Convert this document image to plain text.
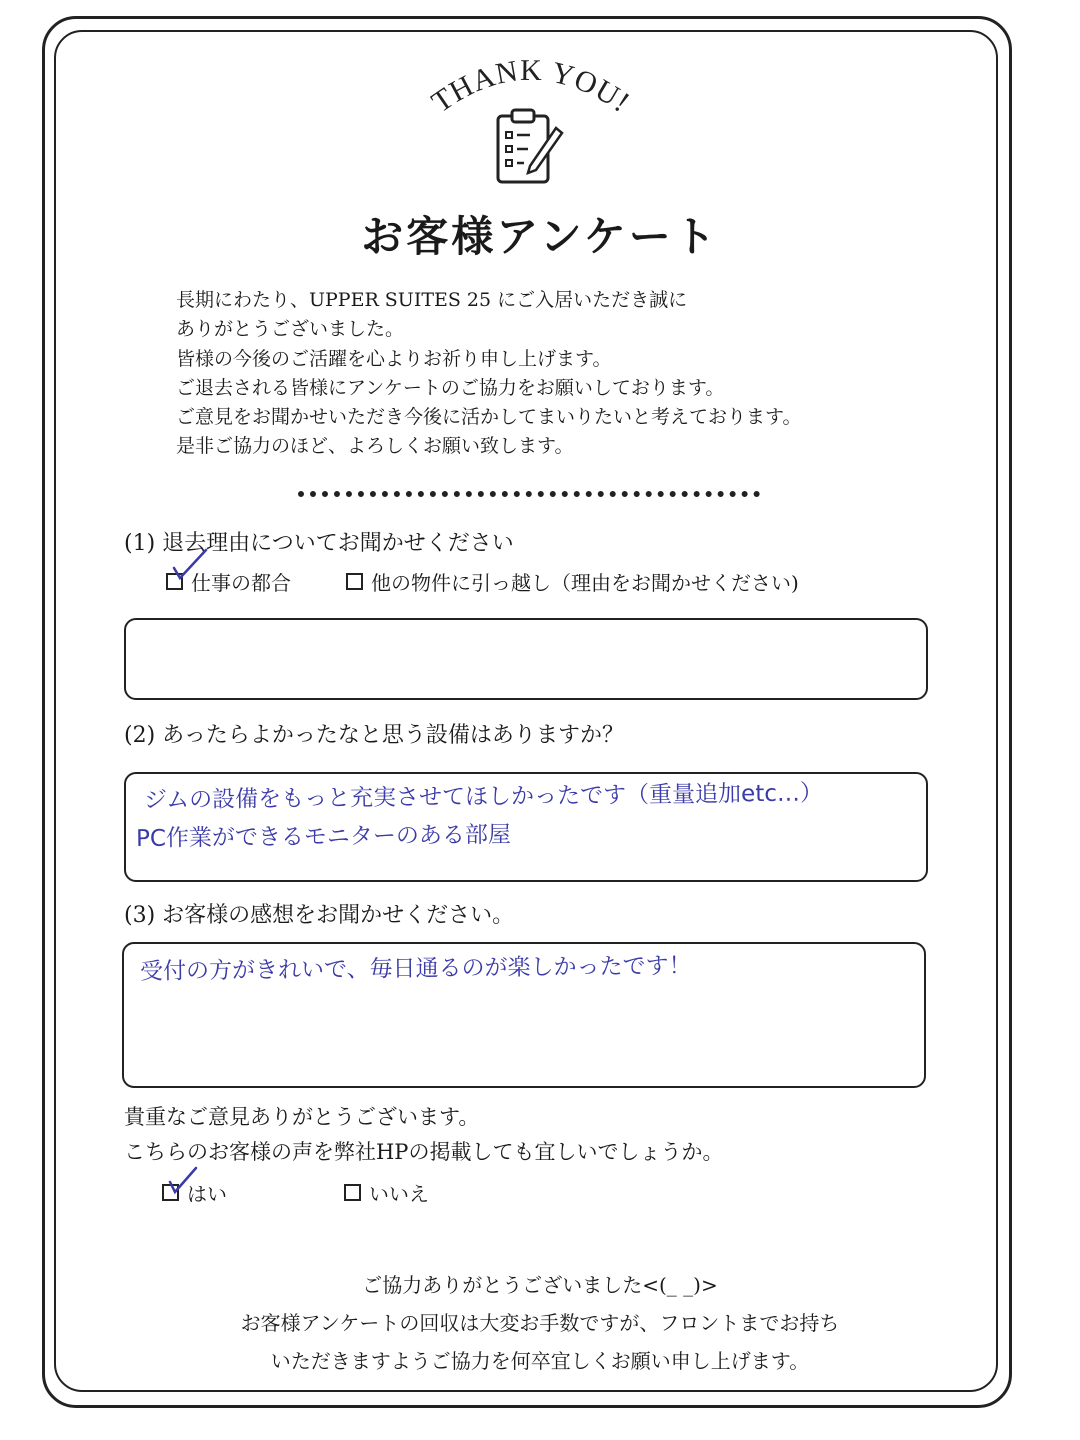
THANK YOU!
お客様アンケート
長期にわたり、UPPER SUITES 25 にご入居いただき誠に
ありがとうございました。
皆様の今後のご活躍を心よりお祈り申し上げます。
ご退去される皆様にアンケートのご協力をお願いしております。
ご意見をお聞かせいただき今後に活かしてまいりたいと考えております。
是非ご協力のほど、よろしくお願い致します。
(1) 退去理由についてお聞かせください
仕事の都合	他の物件に引っ越し（理由をお聞かせください)
(2) あったらよかったなと思う設備はありますか？
ジムの設備をもっと充実させてほしかったです（重量追加etc…）
PC作業ができるモニターのある部屋
(3) お客様の感想をお聞かせください。
受付の方がきれいで、毎日通るのが楽しかったです！
貴重なご意見ありがとうございます。
こちらのお客様の声を弊社HPの掲載しても宜しいでしょうか。
はい	いいえ
ご協力ありがとうございました<(_ _)>
お客様アンケートの回収は大変お手数ですが、フロントまでお持ち
いただきますようご協力を何卒宜しくお願い申し上げます。
